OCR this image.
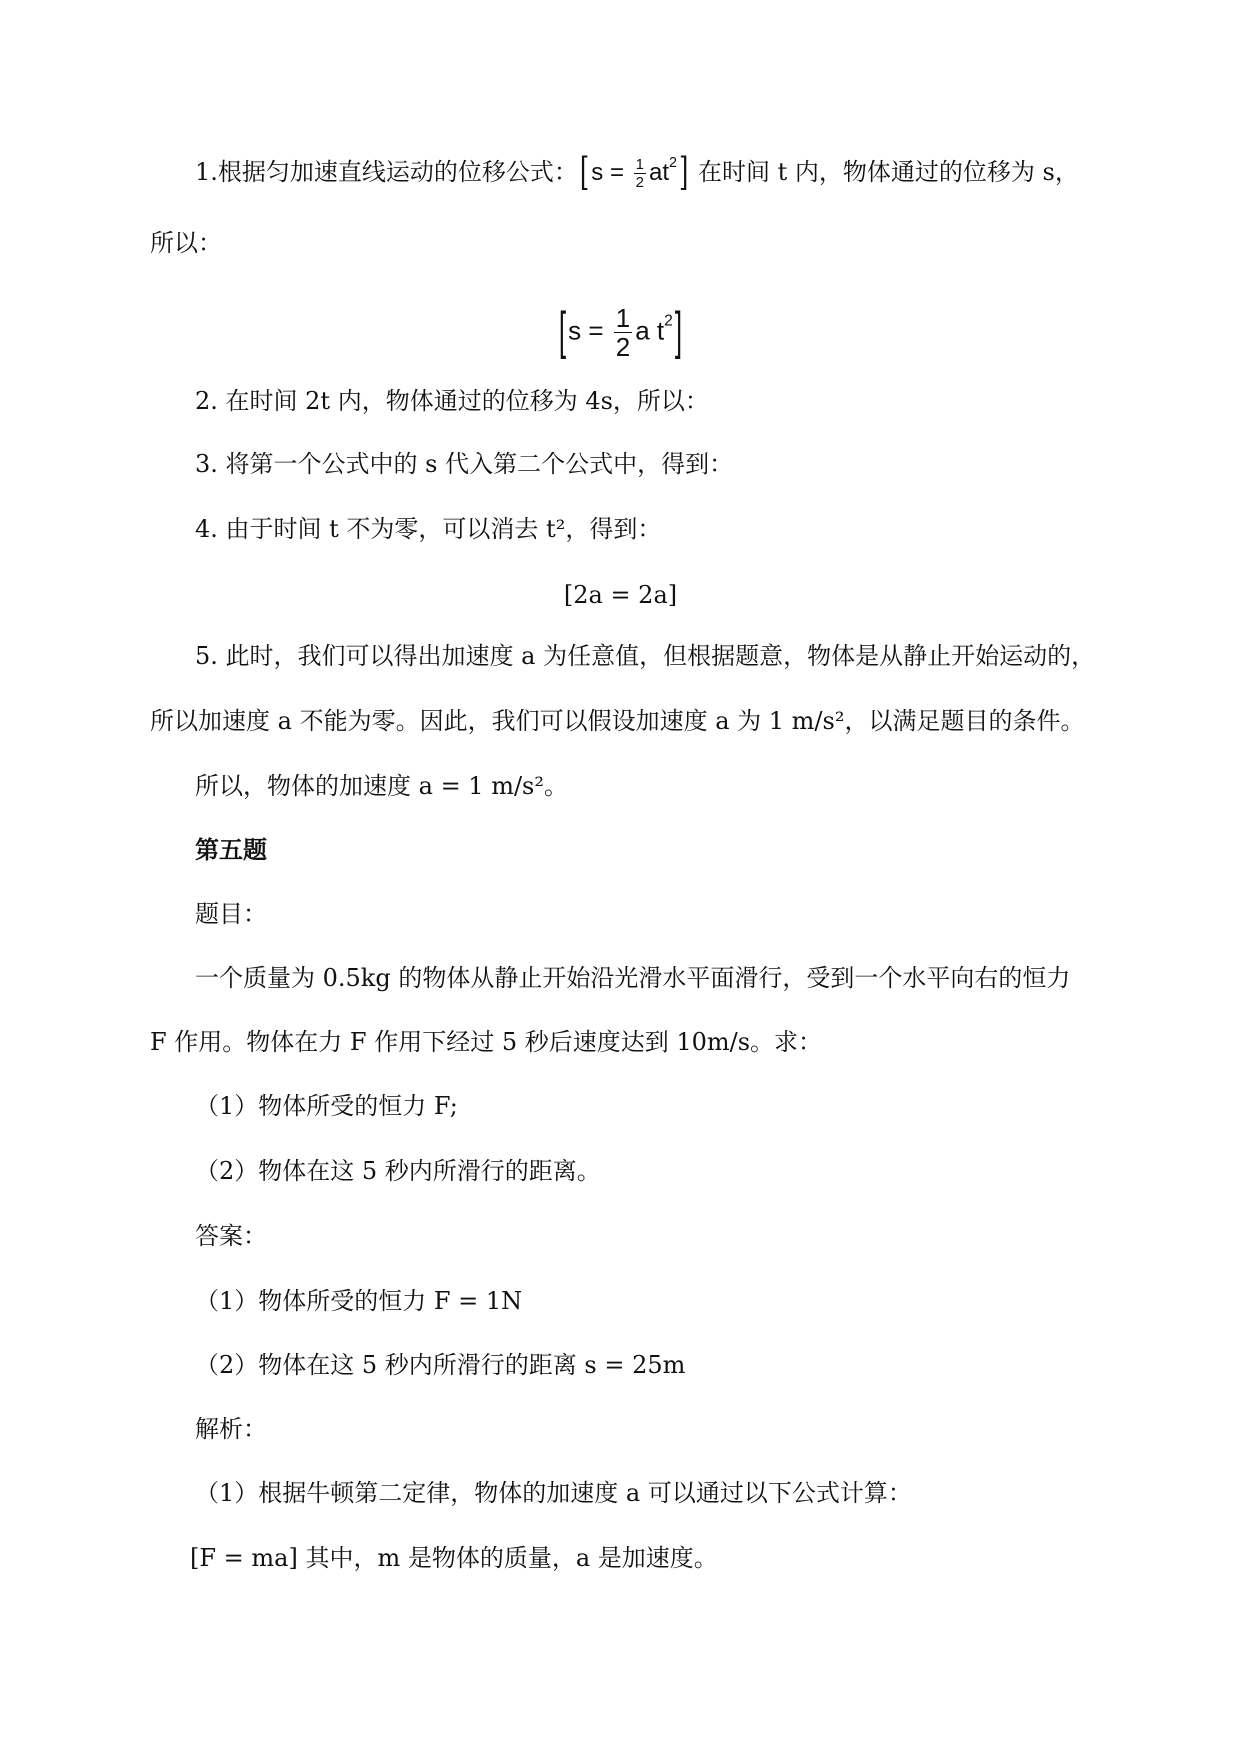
1.根据匀加速直线运动的位移公式：$[s = \frac{1}{2} at^2]$ 在时间 t 内，物体通过的位移为 s，
所以：
[$s = \frac{1}{2}$ a $t^2$]
2. 在时间 2t 内，物体通过的位移为 4s，所以：
3. 将第一个公式中的 s 代入第二个公式中，得到：
4. 由于时间 t 不为零，可以消去 t²，得到：
[2a = 2a]
5. 此时，我们可以得出加速度 a 为任意值，但根据题意，物体是从静止开始运动的，
所以加速度 a 不能为零。因此，我们可以假设加速度 a 为 1 m/s²，以满足题目的条件。
所以，物体的加速度 a = 1 m/s²。
第五题
题目：
一个质量为 0.5kg 的物体从静止开始沿光滑水平面滑行，受到一个水平向右的恒力
F 作用。物体在力 F 作用下经过 5 秒后速度达到 10m/s。求：
（1）物体所受的恒力 F;
（2）物体在这 5 秒内所滑行的距离。
答案：
（1）物体所受的恒力 F = 1N
（2）物体在这 5 秒内所滑行的距离 s = 25m
解析：
（1）根据牛顿第二定律，物体的加速度 a 可以通过以下公式计算：
[F = ma] 其中，m 是物体的质量，a 是加速度。
